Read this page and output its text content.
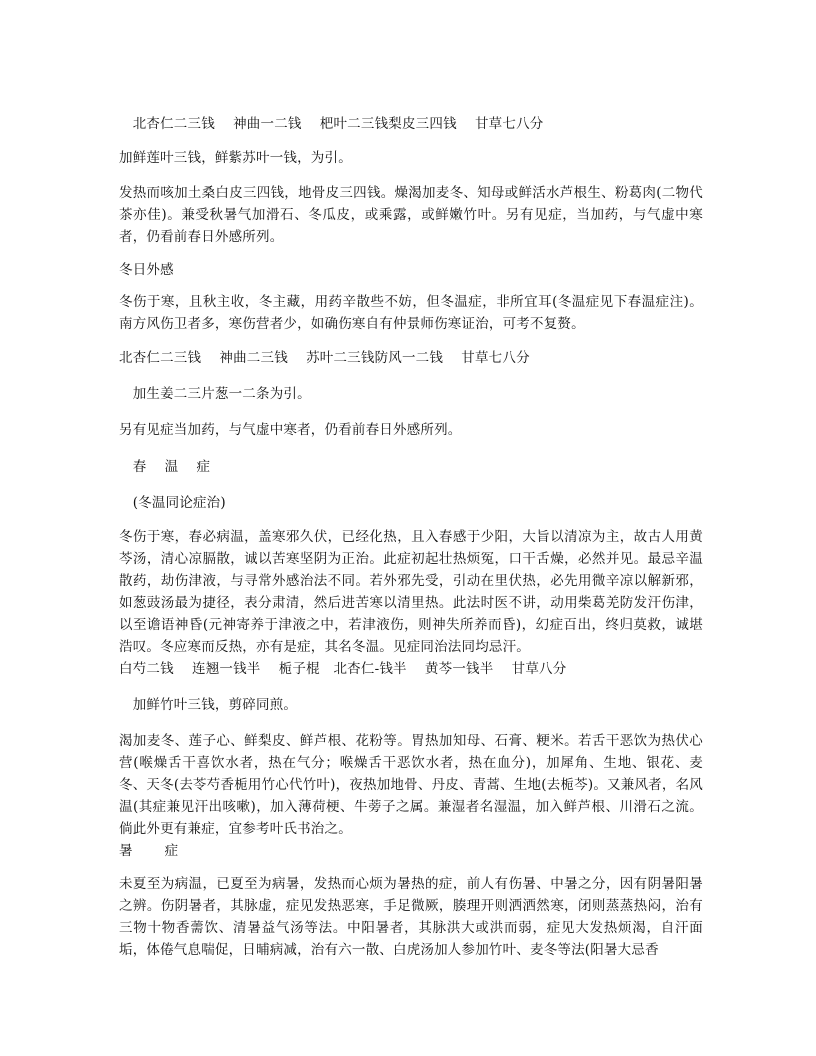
　北杏仁二三钱　 神曲一二钱　 杷叶二三钱梨皮三四钱　 甘草七八分
加鲜莲叶三钱，鲜紫苏叶一钱，为引。
发热而咳加土桑白皮三四钱，地骨皮三四钱。燥渴加麦冬、知母或鲜活水芦根生、粉葛肉(二物代茶亦佳)。兼受秋暑气加滑石、冬瓜皮，或乘露，或鲜嫩竹叶。另有见症，当加药，与气虚中寒者，仍看前春日外感所列。
冬日外感
冬伤于寒，且秋主收，冬主藏，用药辛散些不妨，但冬温症，非所宜耳(冬温症见下春温症注)。南方风伤卫者多，寒伤营者少，如确伤寒自有仲景师伤寒证治，可考不复赘。
北杏仁二三钱　 神曲二三钱　 苏叶二三钱防风一二钱　 甘草七八分
　加生姜二三片葱一二条为引。
另有见症当加药，与气虚中寒者，仍看前春日外感所列。
　春　 温　 症
　(冬温同论症治)
冬伤于寒，春必病温，盖寒邪久伏，已经化热，且入春感于少阳，大旨以清凉为主，故古人用黄芩汤，清心凉膈散，诚以苦寒坚阴为正治。此症初起壮热烦冤，口干舌燥，必然并见。最忌辛温散药，劫伤津液，与寻常外感治法不同。若外邪先受，引动在里伏热，必先用微辛凉以解新邪，如葱豉汤最为捷径，表分肃清，然后进苦寒以清里热。此法时医不讲，动用柴葛羌防发汗伤津，以至谵语神昏(元神寄养于津液之中，若津液伤，则神失所养而昏)，幻症百出，终归莫救，诚堪浩叹。冬应寒而反热，亦有是症，其名冬温。见症同治法同均忌汗。
白芍二钱　 连翘一钱半　 栀子棍　北杏仁-钱半　 黄芩一钱半　 甘草八分
　加鲜竹叶三钱，剪碎同煎。
渴加麦冬、莲子心、鲜梨皮、鲜芦根、花粉等。胃热加知母、石膏、粳米。若舌干恶饮为热伏心营(喉燥舌干喜饮水者，热在气分；喉燥舌干恶饮水者，热在血分)，加犀角、生地、银花、麦冬、天冬(去苓芍香栀用竹心代竹叶)，夜热加地骨、丹皮、青蒿、生地(去栀芩)。又兼风者，名风温(其症兼见汗出咳嗽)，加入薄荷梗、牛蒡子之属。兼湿者名湿温，加入鲜芦根、川滑石之流。倘此外更有兼症，宜参考叶氏书治之。
暑　　 症
未夏至为病温，已夏至为病暑，发热而心烦为暑热的症，前人有伤暑、中暑之分，因有阴暑阳暑之辨。伤阴暑者，其脉虚，症见发热恶寒，手足微厥，腠理开则洒洒然寒，闭则蒸蒸热闷，治有三物十物香薷饮、清暑益气汤等法。中阳暑者，其脉洪大或洪而弱，症见大发热烦渴，自汗面垢，体倦气息喘促，日晡病减，治有六一散、白虎汤加人参加竹叶、麦冬等法(阳暑大忌香
